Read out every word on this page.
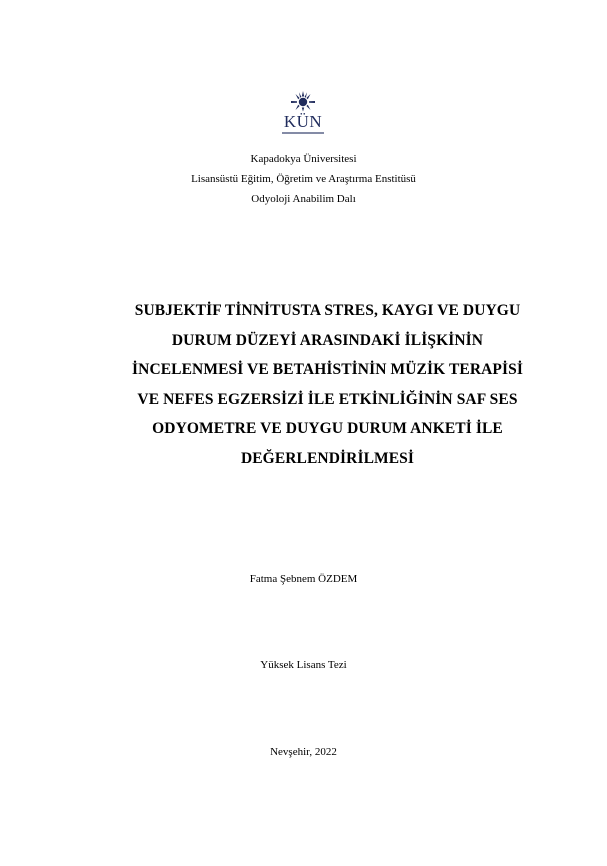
KÜN
Kapadokya Üniversitesi
Lisansüstü Eğitim, Öğretim ve Araştırma Enstitüsü
Odyoloji Anabilim Dalı
SUBJEKTİF TİNNİTUSTA STRES, KAYGI VE DUYGU
DURUM DÜZEYİ ARASINDAKİ İLİŞKİNİN
İNCELENMESİ VE BETAHİSTİNİN MÜZİK TERAPİSİ
VE NEFES EGZERSİZİ İLE ETKİNLİĞİNİN SAF SES
ODYOMETRE VE DUYGU DURUM ANKETİ İLE
DEĞERLENDİRİLMESİ
Fatma Şebnem ÖZDEM
Yüksek Lisans Tezi
Nevşehir, 2022
